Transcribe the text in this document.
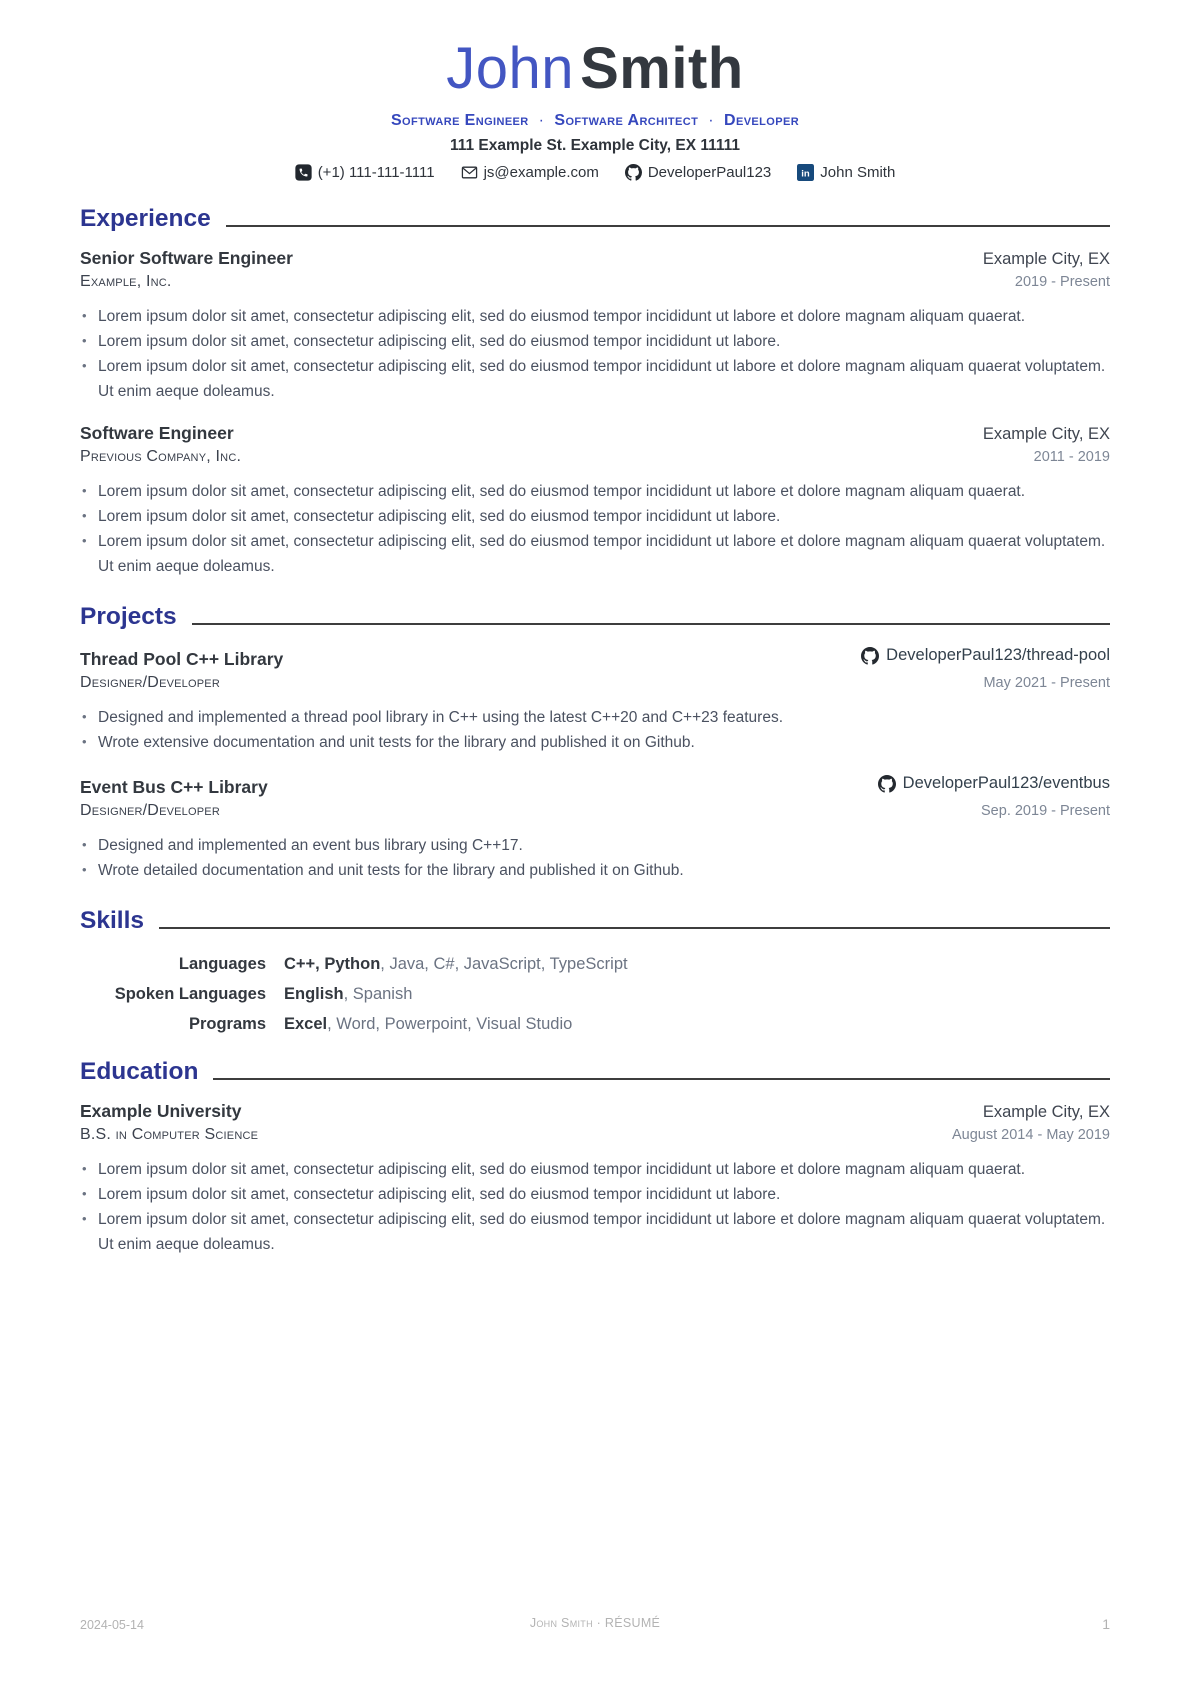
John Smith
Software Engineer · Software Architect · Developer
111 Example St. Example City, EX 11111
(+1) 111-111-1111	js@example.com	DeveloperPaul123 in John Smith
Experience
Senior Software Engineer	Example City, EX
Example, Inc.	2019 - Present
• Lorem ipsum dolor sit amet, consectetur adipiscing elit, sed do eiusmod tempor incididunt ut labore et dolore magnam aliquam quaerat.
• Lorem ipsum dolor sit amet, consectetur adipiscing elit, sed do eiusmod tempor incididunt ut labore.
• Lorem ipsum dolor sit amet, consectetur adipiscing elit, sed do eiusmod tempor incididunt ut labore et dolore magnam aliquam quaerat voluptatem. Ut enim aeque doleamus.
Software Engineer	Example City, EX
Previous Company, Inc.	2011 - 2019
• Lorem ipsum dolor sit amet, consectetur adipiscing elit, sed do eiusmod tempor incididunt ut labore et dolore magnam aliquam quaerat.
• Lorem ipsum dolor sit amet, consectetur adipiscing elit, sed do eiusmod tempor incididunt ut labore.
• Lorem ipsum dolor sit amet, consectetur adipiscing elit, sed do eiusmod tempor incididunt ut labore et dolore magnam aliquam quaerat voluptatem. Ut enim aeque doleamus.
Projects
Thread Pool C++ Library	DeveloperPaul123/thread-pool
Designer/Developer	May 2021 - Present
• Designed and implemented a thread pool library in C++ using the latest C++20 and C++23 features.
• Wrote extensive documentation and unit tests for the library and published it on Github.
Event Bus C++ Library	DeveloperPaul123/eventbus
Designer/Developer	Sep. 2019 - Present
• Designed and implemented an event bus library using C++17.
• Wrote detailed documentation and unit tests for the library and published it on Github.
Skills
Languages C++, Python, Java, C#, JavaScript, TypeScript
Spoken Languages English, Spanish
Programs Excel, Word, Powerpoint, Visual Studio
Education
Example University	Example City, EX
B.S. in Computer Science	August 2014 - May 2019
• Lorem ipsum dolor sit amet, consectetur adipiscing elit, sed do eiusmod tempor incididunt ut labore et dolore magnam aliquam quaerat.
• Lorem ipsum dolor sit amet, consectetur adipiscing elit, sed do eiusmod tempor incididunt ut labore.
• Lorem ipsum dolor sit amet, consectetur adipiscing elit, sed do eiusmod tempor incididunt ut labore et dolore magnam aliquam quaerat voluptatem. Ut enim aeque doleamus.
John Smith · RÉSUMÉ
2024-05-14	1
